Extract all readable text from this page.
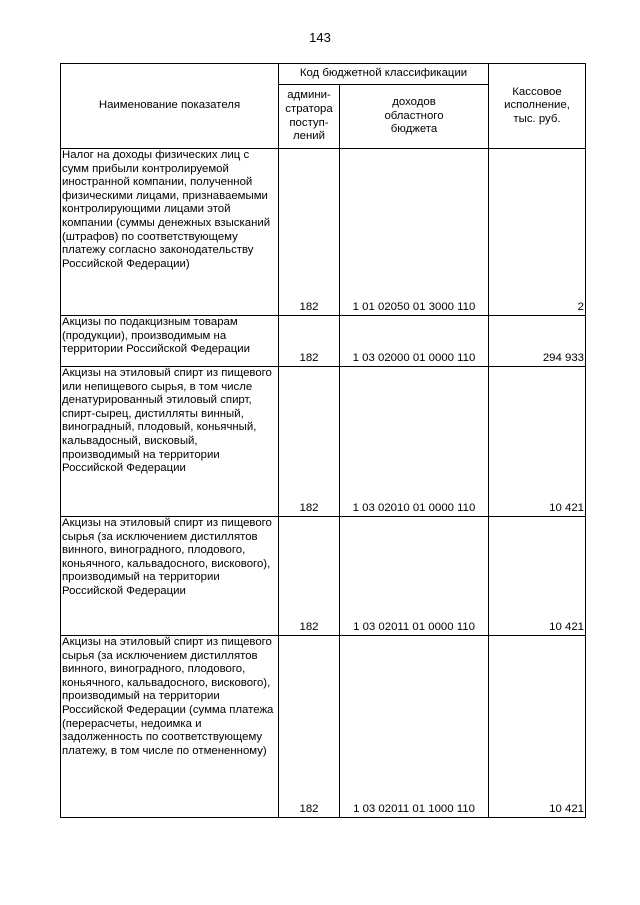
143
Наименование показателя	Код бюджетной классификации		Кассовое
исполнение,
тыс. руб.
	админи-
стратора
поступ-
лений	доходов
областного
бюджета	

Налог на доходы физических лиц с сумм прибыли контролируемой иностранной компании, полученной физическими лицами, признаваемыми контролирующими лицами этой компании (суммы денежных взысканий (штрафов) по соответствующему платежу согласно законодательству Российской Федерации)	182	1 01 02050 01 3000 110	2

Акцизы по подакцизным товарам (продукции), производимым на территории Российской Федерации	182	1 03 02000 01 0000 110	294 933

Акцизы на этиловый спирт из пищевого или непищевого сырья, в том числе денатурированный этиловый спирт, спирт-сырец, дистилляты винный, виноградный, плодовый, коньячный, кальвадосный, висковый, производимый на территории Российской Федерации	182	1 03 02010 01 0000 110	10 421

Акцизы на этиловый спирт из пищевого сырья (за исключением дистиллятов винного, виноградного, плодового, коньячного, кальвадосного, вискового), производимый на территории Российской Федерации	182	1 03 02011 01 0000 110	10 421

Акцизы на этиловый спирт из пищевого сырья (за исключением дистиллятов винного, виноградного, плодового, коньячного, кальвадосного, вискового), производимый на территории Российской Федерации (сумма платежа (перерасчеты, недоимка и задолженность по соответствующему платежу, в том числе по отмененному)	182	1 03 02011 01 1000 110	10 421
